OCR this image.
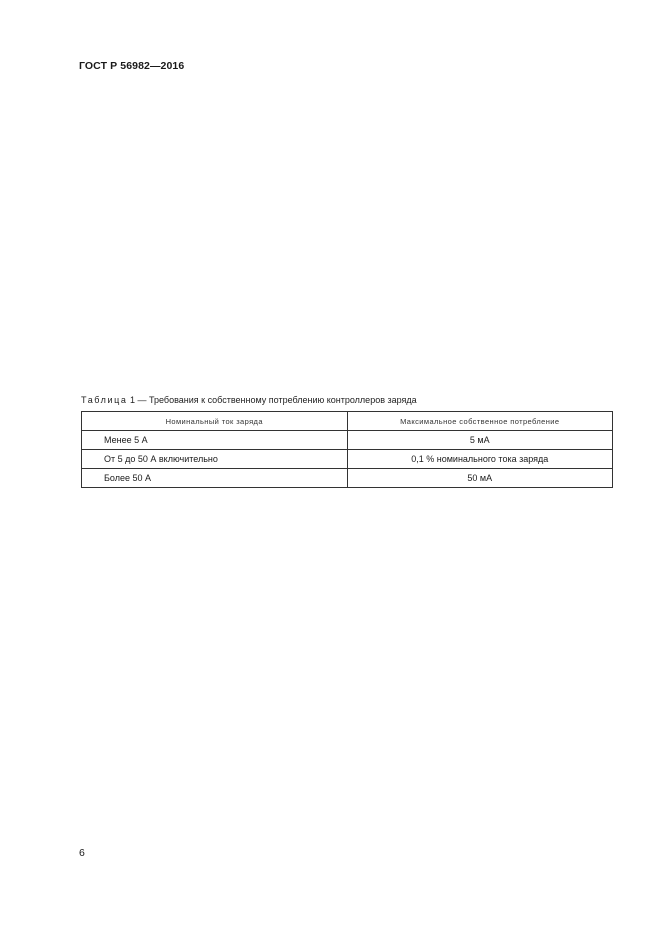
ГОСТ Р 56982—2016

Таблица 1 — Требования к собственному потреблению контроллеров заряда

Номинальный ток заряда	Максимальное собственное потребление
Менее 5 А	5 мА
От 5 до 50 А включительно	0,1 % номинального тока заряда
Более 50 А	50 мА
6
